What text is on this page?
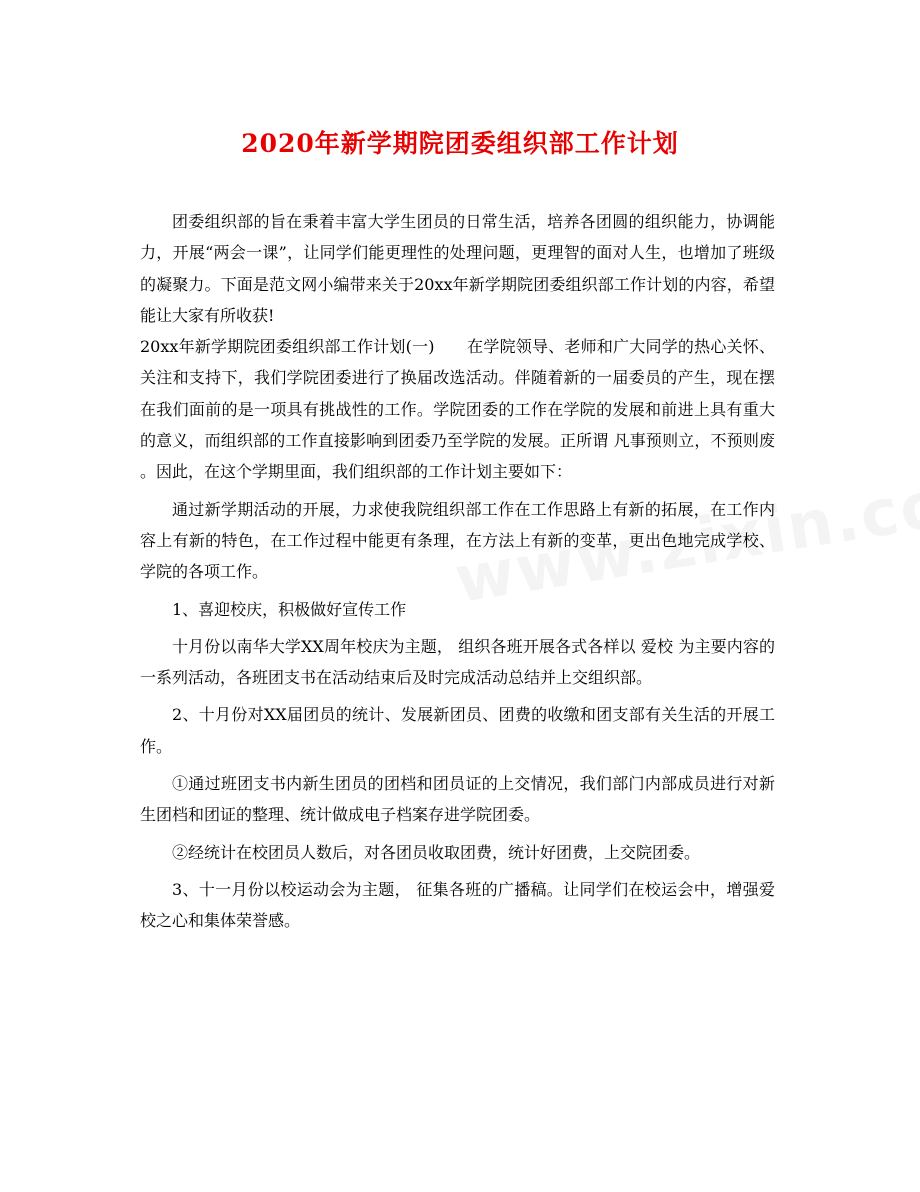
2020年新学期院团委组织部工作计划

团委组织部的旨在秉着丰富大学生团员的日常生活，培养各团圆的组织能力，协调能力，开展“两会一课”，让同学们能更理性的处理问题，更理智的面对人生，也增加了班级的凝聚力。下面是范文网小编带来关于20xx年新学期院团委组织部工作计划的内容，希望能让大家有所收获!

20xx年新学期院团委组织部工作计划(一)　　在学院领导、老师和广大同学的热心关怀、关注和支持下，我们学院团委进行了换届改选活动。伴随着新的一届委员的产生，现在摆在我们面前的是一项具有挑战性的工作。学院团委的工作在学院的发展和前进上具有重大的意义，而组织部的工作直接影响到团委乃至学院的发展。正所谓 凡事预则立，不预则废 。因此，在这个学期里面，我们组织部的工作计划主要如下：

通过新学期活动的开展，力求使我院组织部工作在工作思路上有新的拓展，在工作内容上有新的特色，在工作过程中能更有条理，在方法上有新的变革，更出色地完成学校、学院的各项工作。

1、喜迎校庆，积极做好宣传工作

十月份以南华大学XX周年校庆为主题， 组织各班开展各式各样以 爱校 为主要内容的一系列活动，各班团支书在活动结束后及时完成活动总结并上交组织部。

2、十月份对XX届团员的统计、发展新团员、团费的收缴和团支部有关生活的开展工作。

①通过班团支书内新生团员的团档和团员证的上交情况，我们部门内部成员进行对新生团档和团证的整理、统计做成电子档案存进学院团委。

②经统计在校团员人数后，对各团员收取团费，统计好团费，上交院团委。

3、十一月份以校运动会为主题， 征集各班的广播稿。让同学们在校运会中，增强爱校之心和集体荣誉感。
